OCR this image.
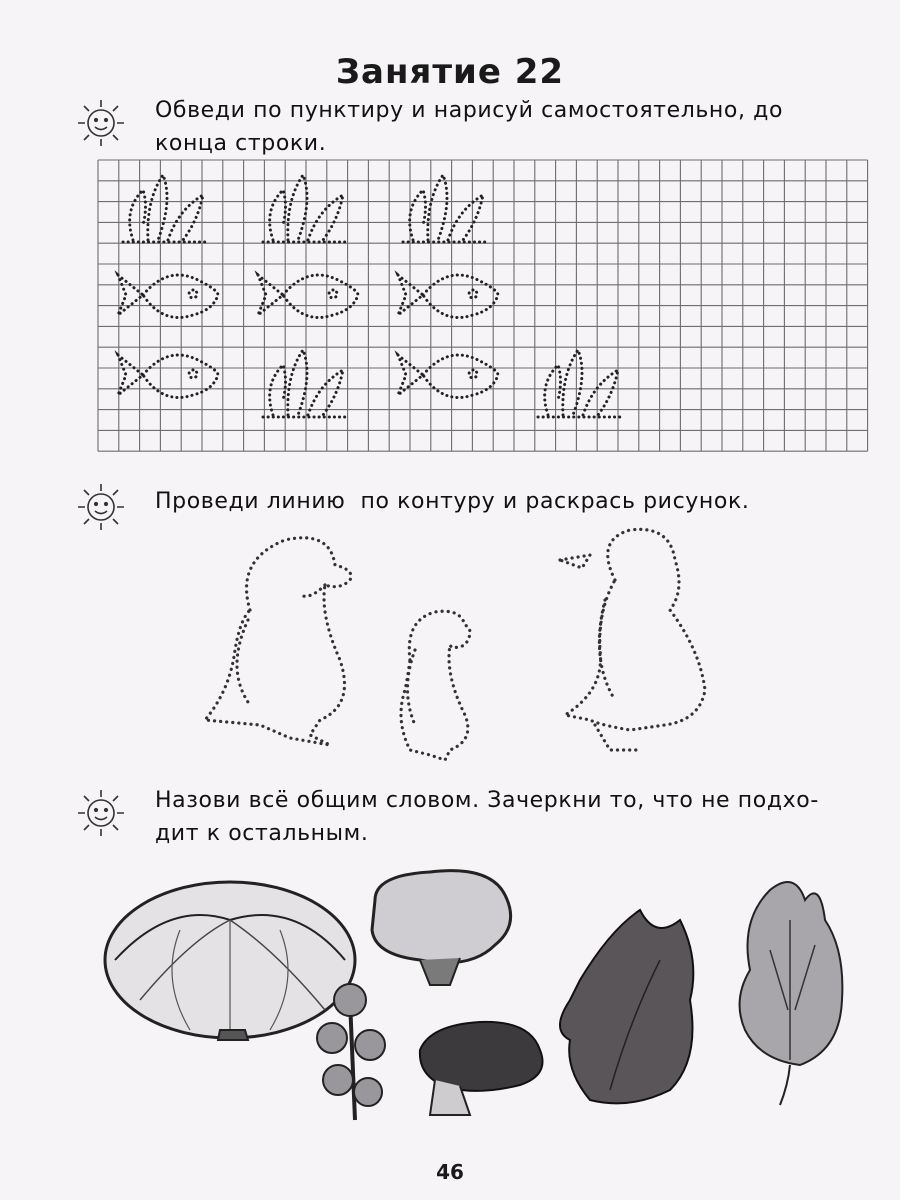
Занятие 22
Обведи по пунктиру и нарисуй самостоятельно, до
конца строки.
Проведи линию  по контуру и раскрась рисунок.
Назови всё общим словом. Зачеркни то, что не подхо-
дит к остальным.
46
